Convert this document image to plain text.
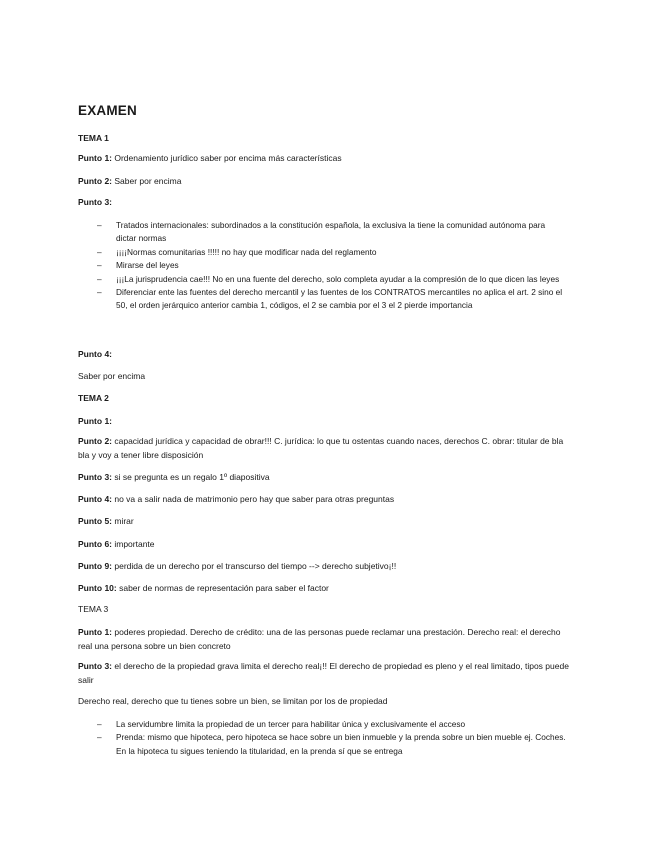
EXAMEN
TEMA 1
Punto 1: Ordenamiento jurídico saber por encima más características
Punto 2: Saber por encima
Punto 3:
– Tratados internacionales: subordinados a la constitución española, la exclusiva la tiene la comunidad autónoma para dictar normas
– ¡¡¡¡Normas comunitarias !!!!! no hay que modificar nada del reglamento
– Mirarse del leyes
– ¡¡¡La jurisprudencia cae!!! No en una fuente del derecho, solo completa ayudar a la compresión de lo que dicen las leyes
– Diferenciar ente las fuentes del derecho mercantil y las fuentes de los CONTRATOS mercantiles no aplica el art. 2 sino el 50, el orden jerárquico anterior cambia 1, códigos, el 2 se cambia por el 3 el 2 pierde importancia
Punto 4:
Saber por encima
TEMA 2
Punto 1:
Punto 2: capacidad jurídica y capacidad de obrar!!! C. jurídica: lo que tu ostentas cuando naces, derechos C. obrar: titular de bla bla y voy a tener libre disposición
Punto 3: si se pregunta es un regalo 1º diapositiva
Punto 4: no va a salir nada de matrimonio pero hay que saber para otras preguntas
Punto 5: mirar
Punto 6: importante
Punto 9: perdida de un derecho por el transcurso del tiempo --> derecho subjetivo¡!!
Punto 10: saber de normas de representación para saber el factor
TEMA 3
Punto 1: poderes propiedad. Derecho de crédito: una de las personas puede reclamar una prestación. Derecho real: el derecho real una persona sobre un bien concreto
Punto 3: el derecho de la propiedad grava limita el derecho real¡!! El derecho de propiedad es pleno y el real limitado, tipos puede salir
Derecho real, derecho que tu tienes sobre un bien, se limitan por los de propiedad
– La servidumbre limita la propiedad de un tercer para habilitar única y exclusivamente el acceso
– Prenda: mismo que hipoteca, pero hipoteca se hace sobre un bien inmueble y la prenda sobre un bien mueble ej. Coches. En la hipoteca tu sigues teniendo la titularidad, en la prenda sí que se entrega
